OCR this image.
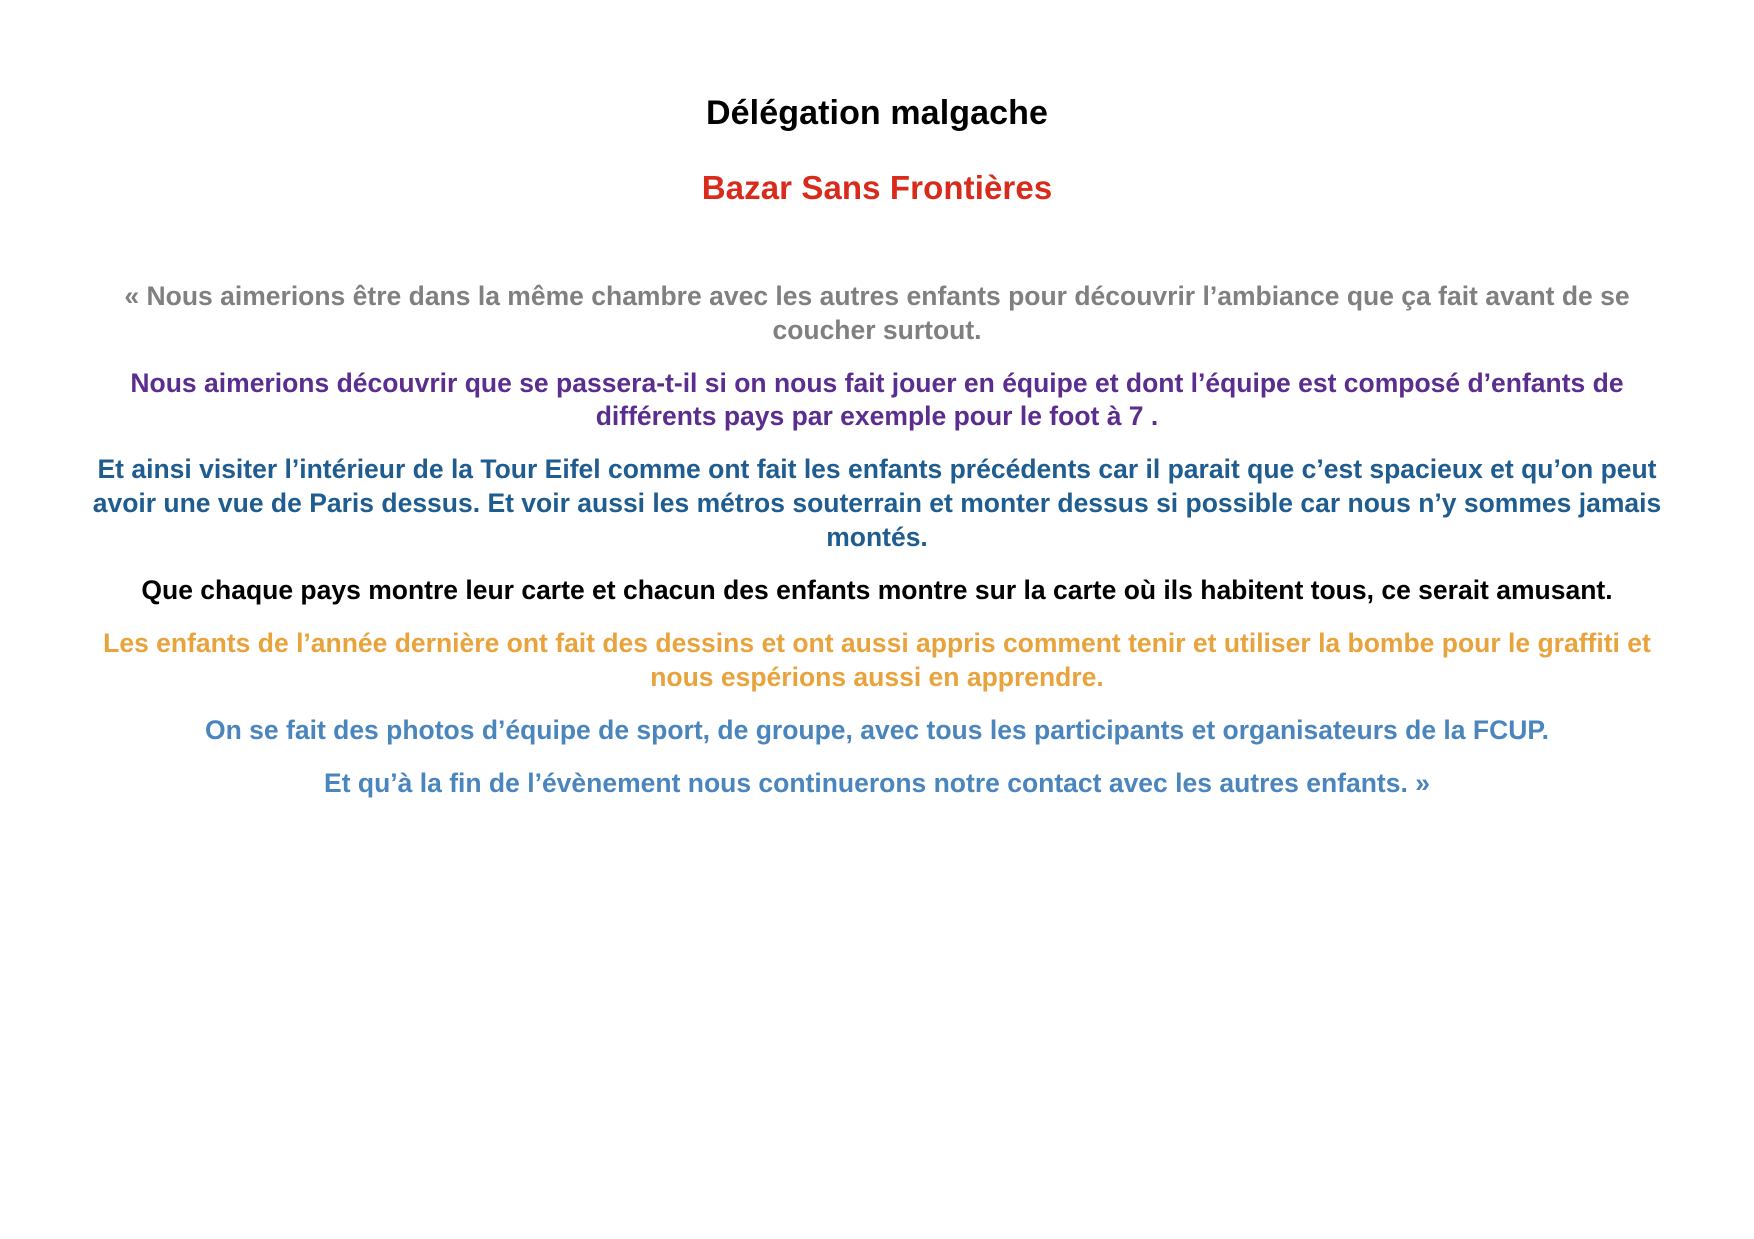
Délégation malgache
Bazar Sans Frontières

« Nous aimerions être dans la même chambre avec les autres enfants pour découvrir l’ambiance que ça fait avant de se coucher surtout.

Nous aimerions découvrir que se passera-t-il si on nous fait jouer en équipe et dont l’équipe est composé d’enfants de différents pays par exemple pour le foot à 7 .

Et ainsi visiter l’intérieur de la Tour Eifel comme ont fait les enfants précédents car il parait que c’est spacieux et qu’on peut avoir une vue de Paris dessus. Et voir aussi les métros souterrain et monter dessus si possible car nous n’y sommes jamais montés.

Que chaque pays montre leur carte et chacun des enfants montre sur la carte où ils habitent tous, ce serait amusant.

Les enfants de l’année dernière ont fait des dessins et ont aussi appris comment tenir et utiliser la bombe pour le graffiti et nous espérions aussi en apprendre.

On se fait des photos d’équipe de sport, de groupe, avec tous les participants et organisateurs de la FCUP.

Et qu’à la fin de l’évènement nous continuerons notre contact avec les autres enfants. »
